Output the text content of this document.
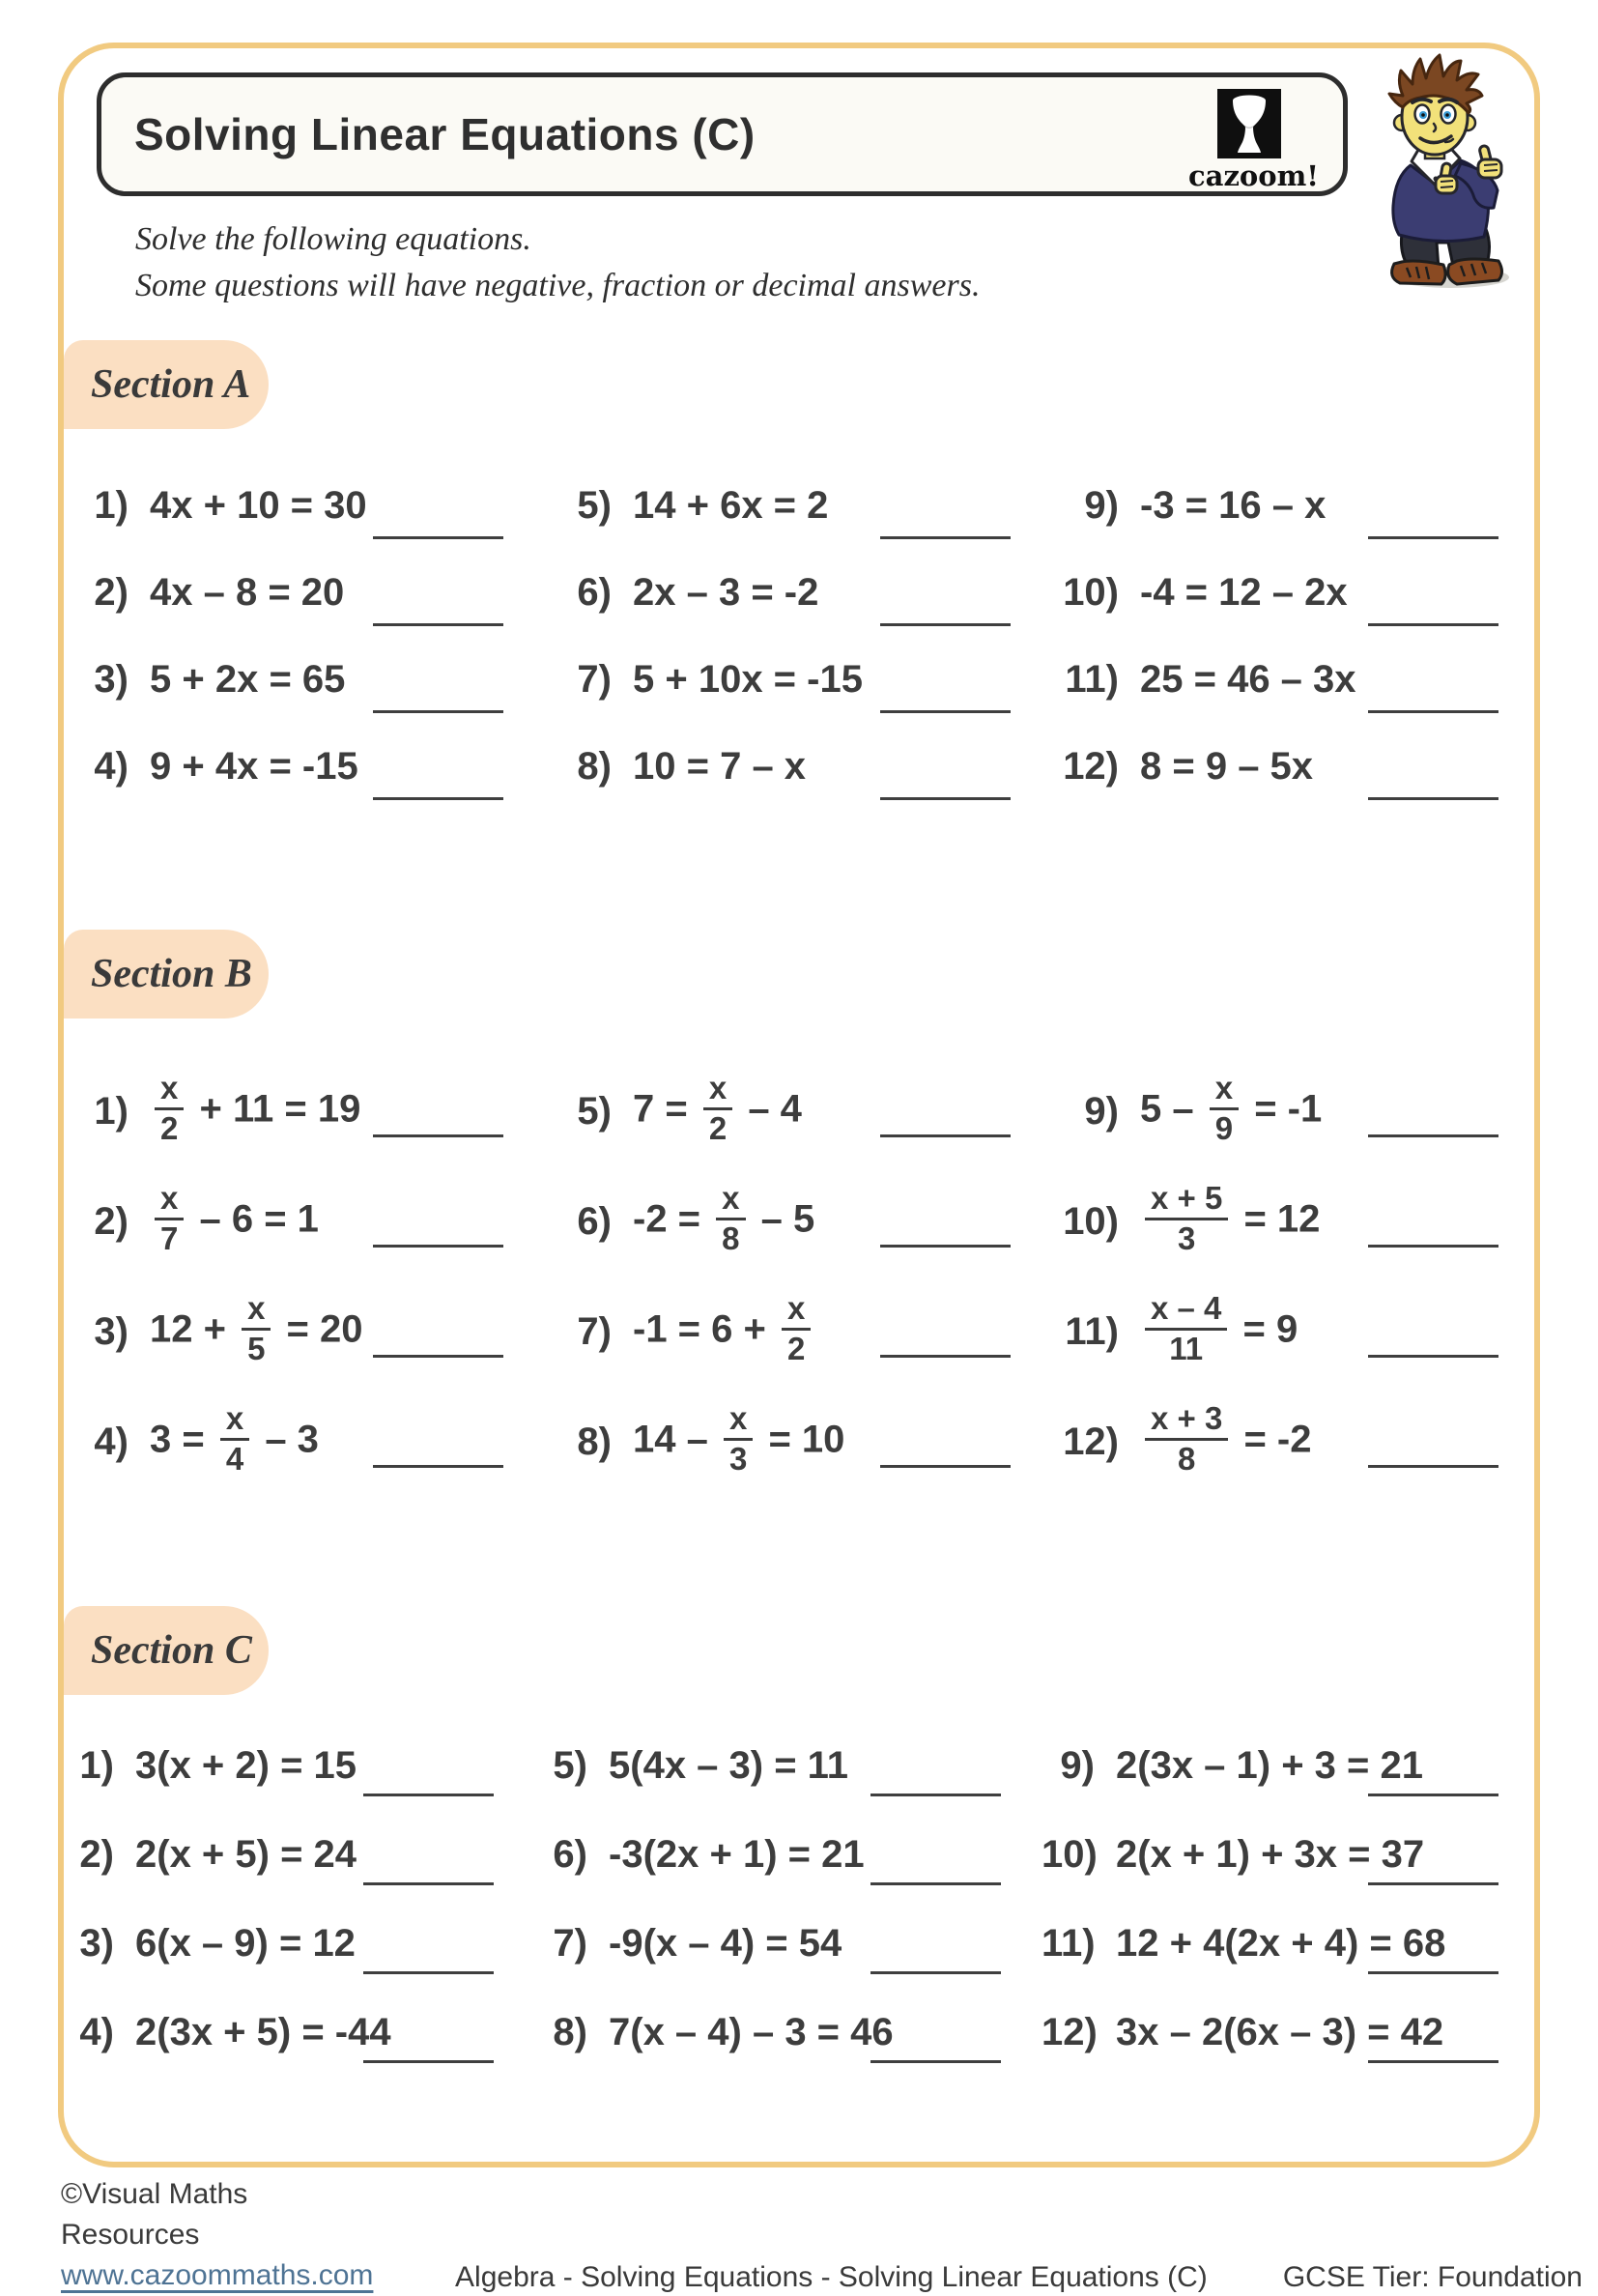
Solving Linear Equations (C)
cazoom!
Solve the following equations.
Some questions will have negative, fraction or decimal answers.
Section A
1) 4x + 10 = 30
2) 4x – 8 = 20
3) 5 + 2x = 65
4) 9 + 4x = -15
5) 14 + 6x = 2
6) 2x – 3 = -2
7) 5 + 10x = -15
8) 10 = 7 – x
9) -3 = 16 – x
10) -4 = 12 – 2x
11) 25 = 46 – 3x
12) 8 = 9 – 5x
Section B
$1) \frac{x}{2} + 11 = 19$
$2) \frac{x}{7} - 6 = 1$
3) $12 + \frac{x}{5} = 20$
4) $3 = \frac{x}{4} - 3$
5) $7 = \frac{x}{2} - 4$
6) $-2 = \frac{x}{8} - 5$
7) $-1 = 6 + \frac{x}{2}$
8) $14 - \frac{x}{3} = 10$
9) $5 - \frac{x}{9} = -1$
$10) \frac{x + 5}{3} = 12$
$11) \frac{x - 4}{11} = 9$
$12) \frac{x + 3}{8} = -2$
Section C
1) 3(x + 2) = 15
2) 2(x + 5) = 24
3) 6(x – 9) = 12
4) 2(3x + 5) = -44
5) 5(4x – 3) = 11
6) -3(2x + 1) = 21
7) -9(x – 4) = 54
8) 7(x – 4) – 3 = 46
9) 2(3x – 1) + 3 = 21
10) 2(x + 1) + 3x = 37
11) 12 + 4(2x + 4) = 68
12) 3x – 2(6x – 3) = 42
©Visual Maths Resources
www.cazoommaths.com	Algebra - Solving Equations - Solving Linear Equations (C)	GCSE Tier: Foundation
